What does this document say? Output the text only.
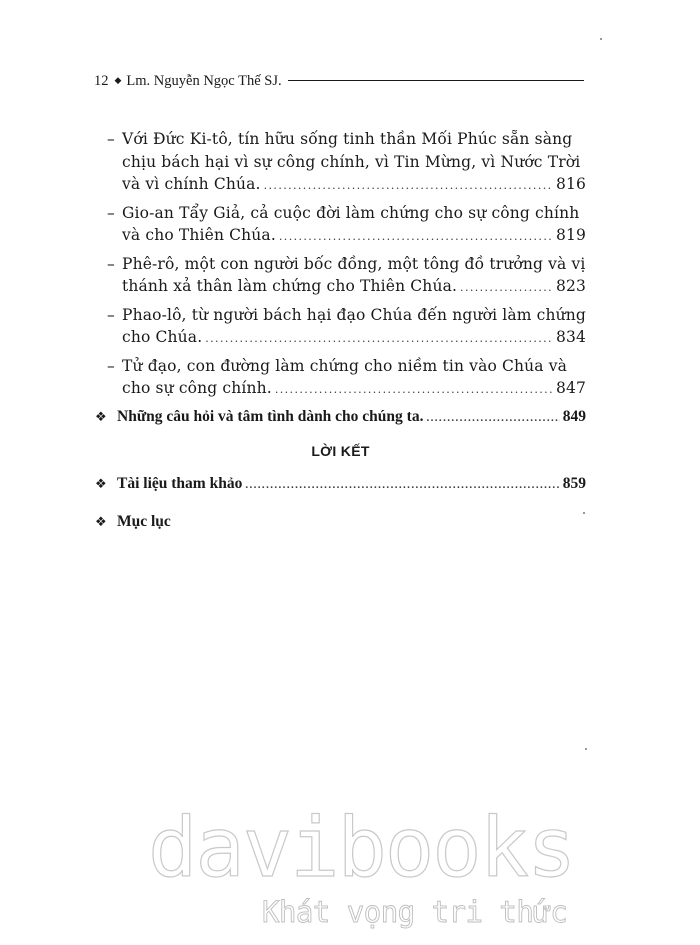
12 ◆ Lm. Nguyễn Ngọc Thế SJ.
– Với Đức Ki-tô, tín hữu sống tinh thần Mối Phúc sẵn sàng
chịu bách hại vì sự công chính, vì Tin Mừng, vì Nước Trời
và vì chính Chúa. .....	816
– Gio-an Tẩy Giả, cả cuộc đời làm chứng cho sự công chính
và cho Thiên Chúa. .....	819
– Phê-rô, một con người bốc đồng, một tông đồ trưởng và vị
thánh xả thân làm chứng cho Thiên Chúa. .....	823
– Phao-lô, từ người bách hại đạo Chúa đến người làm chứng
cho Chúa. .....	834
– Tử đạo, con đường làm chứng cho niềm tin vào Chúa và
cho sự công chính. .....	847
❖ Những câu hỏi và tâm tình dành cho chúng ta. .....	849
LỜI KẾT
❖ Tài liệu tham khảo .....	859
❖ Mục lục
davibooks
Khát vọng tri thức
